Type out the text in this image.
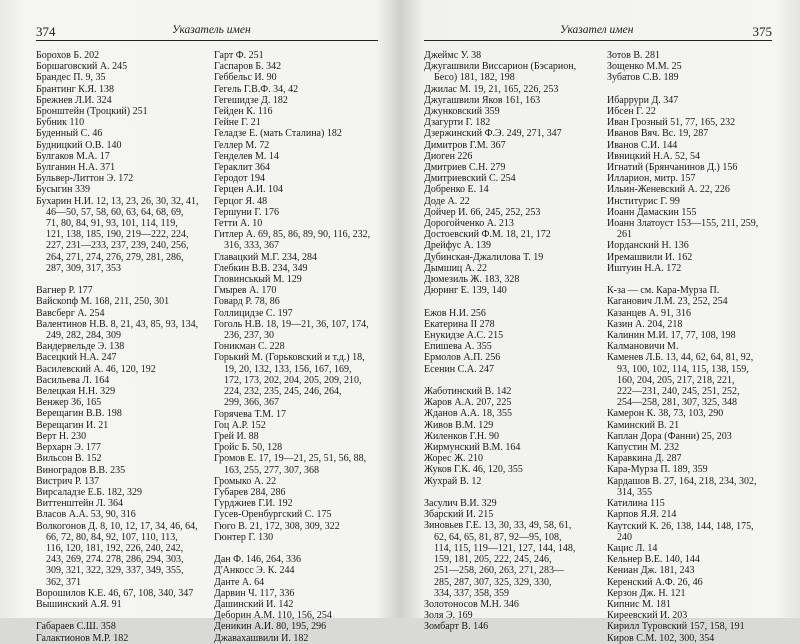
374	Указатель имен
Борохов Б. 202
Боршаговский А. 245
Брандес П. 9, 35
Брантинг К.Я. 138
Брежнев Л.И. 324
Бронштейн (Троцкий) 251
Бубник 110
Буденный С. 46
Будницкий О.В. 140
Булгаков М.А. 17
Булганин Н.А. 371
Бульвер-Литтон Э. 172
Бусыгин 339
Бухарин Н.И. 12, 13, 23, 26, 30, 32, 41,
46—50, 57, 58, 60, 63, 64, 68, 69,
71, 80, 84, 91, 93, 101, 114, 119,
121, 138, 185, 190, 219—222, 224,
227, 231—233, 237, 239, 240, 256,
264, 271, 274, 276, 279, 281, 286,
287, 309, 317, 353
Вагнер Р. 177
Вайскопф М. 168, 211, 250, 301
Вавсберг А. 254
Валентинов Н.В. 8, 21, 43, 85, 93, 134,
249, 282, 284, 309
Вандервельде Э. 138
Васецкий Н.А. 247
Василевский А. 46, 120, 192
Васильева Л. 164
Велецкая Н.Н. 329
Венжер 36, 165
Верещагин В.В. 198
Верещагин И. 21
Верт Н. 230
Верхарн Э. 177
Вильсон В. 152
Виноградов В.В. 235
Вистрич Р. 137
Вирсаладзе Е.Б. 182, 329
Виттенштейн Л. 364
Власов А.А. 53, 90, 316
Волкогонов Д. 8, 10, 12, 17, 34, 46, 64,
66, 72, 80, 84, 92, 107, 110, 113,
116, 120, 181, 192, 226, 240, 242,
243, 269, 274. 278, 286, 294, 303,
309, 321, 322, 329, 337, 349, 355,
362, 371
Ворошилов К.Е. 46, 67, 108, 340, 347
Вышинский А.Я. 91
Габараев С.Ш. 358
Галактионов М.Р. 182
Гарт Ф. 251
Гаспаров Б. 342
Геббельс И. 90
Гегель Г.В.Ф. 34, 42
Гегешидзе Д. 182
Гейден К. 116
Гейне Г. 21
Геладзе Е. (мать Сталина) 182
Геллер М. 72
Генделев М. 14
Гераклит 364
Геродот 194
Герцен А.И. 104
Герцог Я. 48
Гершуни Г. 176
Гетти А. 10
Гитлер А. 69, 85, 86, 89, 90, 116, 232,
316, 333, 367
Главацкий М.Г. 234, 284
Глебкин В.В. 234, 349
Гловинськый М. 129
Гмырев А. 170
Говард Р. 78, 86
Голлицидзе С. 197
Гоголь Н.В. 18, 19—21, 36, 107, 174,
236, 237, 30
Гоникман С. 228
Горький М. (Горьковский и т.д.) 18,
19, 20, 132, 133, 156, 167, 169,
172, 173, 202, 204, 205, 209, 210,
224, 232, 235, 245, 246, 264,
299, 366, 367
Горячева Т.М. 17
Гоц А.Р. 152
Грей И. 88
Гройс Б. 50, 128
Громов Е. 17, 19—21, 25, 51, 56, 88,
163, 255, 277, 307, 368
Громыко А. 22
Губарев 284, 286
Гурджиев Г.И. 192
Гусев-Оренбургский С. 175
Гюго В. 21, 172, 308, 309, 322
Гюнтер Г. 130
Дан Ф. 146, 264, 336
Д'Анкосс Э. К. 244
Данте А. 64
Дарвин Ч. 117, 336
Дашинский И. 142
Деборин А.М. 110, 156, 254
Деникин А.И. 80, 195, 296
Джавахашвили И. 182
Указател имен	375
Джеймс У. 38
Джугашвили Виссарион (Бэсарион,
Бесо) 181, 182, 198
Джилас М. 19, 21, 165, 226, 253
Джугашвили Яков 161, 163
Джунковский 359
Дзагурти Г. 182
Дзержинский Ф.Э. 249, 271, 347
Димитров Г.М. 367
Диоген 226
Дмитриев С.Н. 279
Дмитриевский С. 254
Добренко Е. 14
Доде А. 22
Дойчер И. 66, 245, 252, 253
Дорогойченко А. 213
Достоевский Ф.М. 18, 21, 172
Дрейфус А. 139
Дубинская-Джалилова Т. 19
Дымшиц А. 22
Дюмезиль Ж. 183, 328
Дюринг Е. 139, 140
Ежов Н.И. 256
Екатерина II 278
Енукидзе А.С. 215
Епишева А. 355
Ермолов А.П. 256
Есенин С.А. 247
Жаботинский В. 142
Жаров А.А. 207, 225
Жданов А.А. 18, 355
Живов В.М. 129
Жиленков Г.Н. 90
Жирмунский В.М. 164
Жорес Ж. 210
Жуков Г.К. 46, 120, 355
Жухрай В. 12
Засулич В.И. 329
Збарский И. 215
Зиновьев Г.Е. 13, 30, 33, 49, 58, 61,
62, 64, 65, 81, 87, 92—95, 108,
114, 115, 119—121, 127, 144, 148,
159, 181, 205, 222, 245, 246,
251—258, 260, 263, 271, 283—
285, 287, 307, 325, 329, 330,
334, 337, 358, 359
Золотоносов М.Н. 346
Золя Э. 169
Зомбарт В. 146
Зотов В. 281
Зощенко М.М. 25
Зубатов С.В. 189
Ибаррури Д. 347
Ибсен Г. 22
Иван Грозный 51, 77, 165, 232
Иванов Вяч. Вс. 19, 287
Иванов С.И. 144
Ивницкий Н.А. 52, 54
Игнатий (Брянчанинов Д.) 156
Илларион, митр. 157
Ильин-Женевский А. 22, 226
Институрис Г. 99
Иоанн Дамаскин 155
Иоанн Златоуст 153—155, 211, 259,
261
Иорданский Н. 136
Иремашвили И. 162
Иштуин Н.А. 172
К-за — см. Кара-Мурза П.
Каганович Л.М. 23, 252, 254
Казанцев А. 91, 316
Казин А. 204, 218
Калинин М.И. 17, 77, 108, 198
Калмановичи М.
Каменев Л.Б. 13, 44, 62, 64, 81, 92,
93, 100, 102, 114, 115, 138, 159,
160, 204, 205, 217, 218, 221,
222—231, 240, 245, 251, 252,
254—258, 281, 307, 325, 348
Камерон К. 38, 73, 103, 290
Каминский В. 21
Каплан Дора (Фанни) 25, 203
Капустин М. 232
Каравкина Д. 287
Кара-Мурза П. 189, 359
Кардашов В. 27, 164, 218, 234, 302,
314, 355
Катилина 115
Карпов Я.Я. 214
Каутский К. 26, 138, 144, 148, 175,
240
Кацис Л. 14
Кельнер В.Е. 140, 144
Кениан Дж. 181, 243
Керенский А.Ф. 26, 46
Керзон Дж. Н. 121
Кипнис М. 181
Киреевский И. 203
Кирилл Туровский 157, 158, 191
Киров С.М. 102, 300, 354
